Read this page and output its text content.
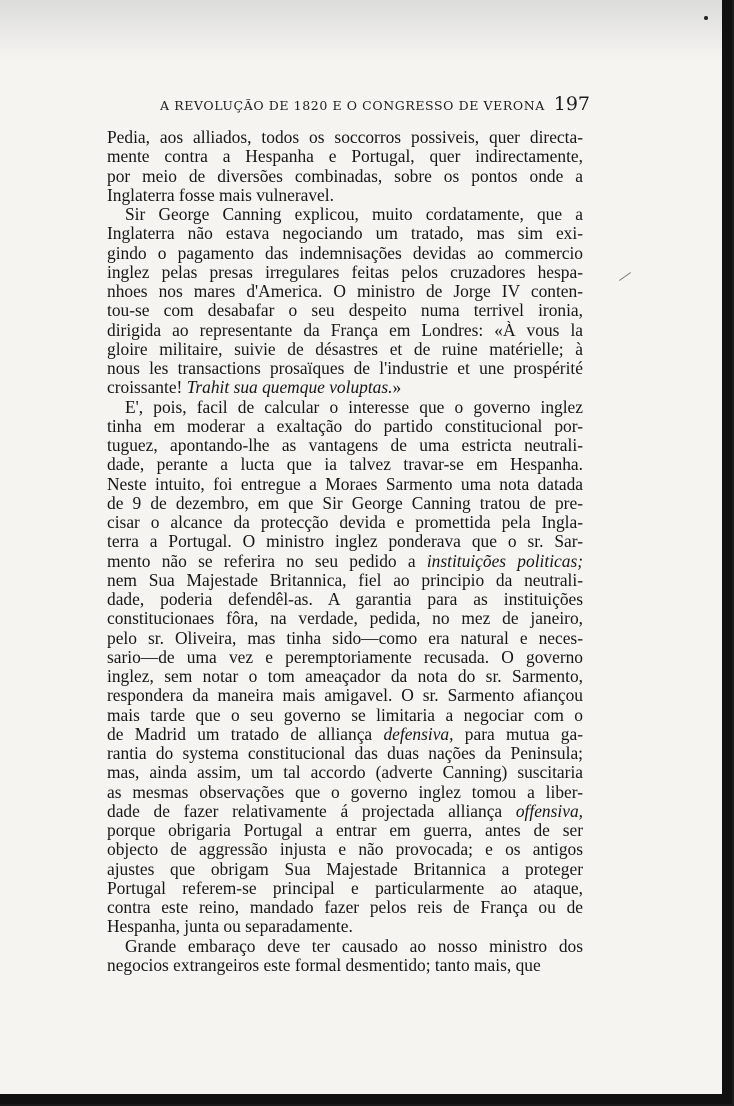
A REVOLUÇÃO DE 1820 E O CONGRESSO DE VERONA 197
Pedia, aos alliados, todos os soccorros possiveis, quer directa-
mente contra a Hespanha e Portugal, quer indirectamente,
por meio de diversões combinadas, sobre os pontos onde a
Inglaterra fosse mais vulneravel.
Sir George Canning explicou, muito cordatamente, que a
Inglaterra não estava negociando um tratado, mas sim exi-
gindo o pagamento das indemnisações devidas ao commercio
inglez pelas presas irregulares feitas pelos cruzadores hespa-
nhoes nos mares d'America. O ministro de Jorge IV conten-
tou-se com desabafar o seu despeito numa terrivel ironia,
dirigida ao representante da França em Londres: «À vous la
gloire militaire, suivie de désastres et de ruine matérielle; à
nous les transactions prosaïques de l'industrie et une prospérité
croissante! Trahit sua quemque voluptas.»
E', pois, facil de calcular o interesse que o governo inglez
tinha em moderar a exaltação do partido constitucional por-
tuguez, apontando-lhe as vantagens de uma estricta neutrali-
dade, perante a lucta que ia talvez travar-se em Hespanha.
Neste intuito, foi entregue a Moraes Sarmento uma nota datada
de 9 de dezembro, em que Sir George Canning tratou de pre-
cisar o alcance da protecção devida e promettida pela Ingla-
terra a Portugal. O ministro inglez ponderava que o sr. Sar-
mento não se referira no seu pedido a instituições politicas;
nem Sua Majestade Britannica, fiel ao principio da neutrali-
dade, poderia defendêl-as. A garantia para as instituições
constitucionaes fôra, na verdade, pedida, no mez de janeiro,
pelo sr. Oliveira, mas tinha sido—como era natural e neces-
sario—de uma vez e peremptoriamente recusada. O governo
inglez, sem notar o tom ameaçador da nota do sr. Sarmento,
respondera da maneira mais amigavel. O sr. Sarmento afiançou
mais tarde que o seu governo se limitaria a negociar com o
de Madrid um tratado de alliança defensiva, para mutua ga-
rantia do systema constitucional das duas nações da Peninsula;
mas, ainda assim, um tal accordo (adverte Canning) suscitaria
as mesmas observações que o governo inglez tomou a liber-
dade de fazer relativamente á projectada alliança offensiva,
porque obrigaria Portugal a entrar em guerra, antes de ser
objecto de aggressão injusta e não provocada; e os antigos
ajustes que obrigam Sua Majestade Britannica a proteger
Portugal referem-se principal e particularmente ao ataque,
contra este reino, mandado fazer pelos reis de França ou de
Hespanha, junta ou separadamente.
Grande embaraço deve ter causado ao nosso ministro dos
negocios extrangeiros este formal desmentido; tanto mais, que
